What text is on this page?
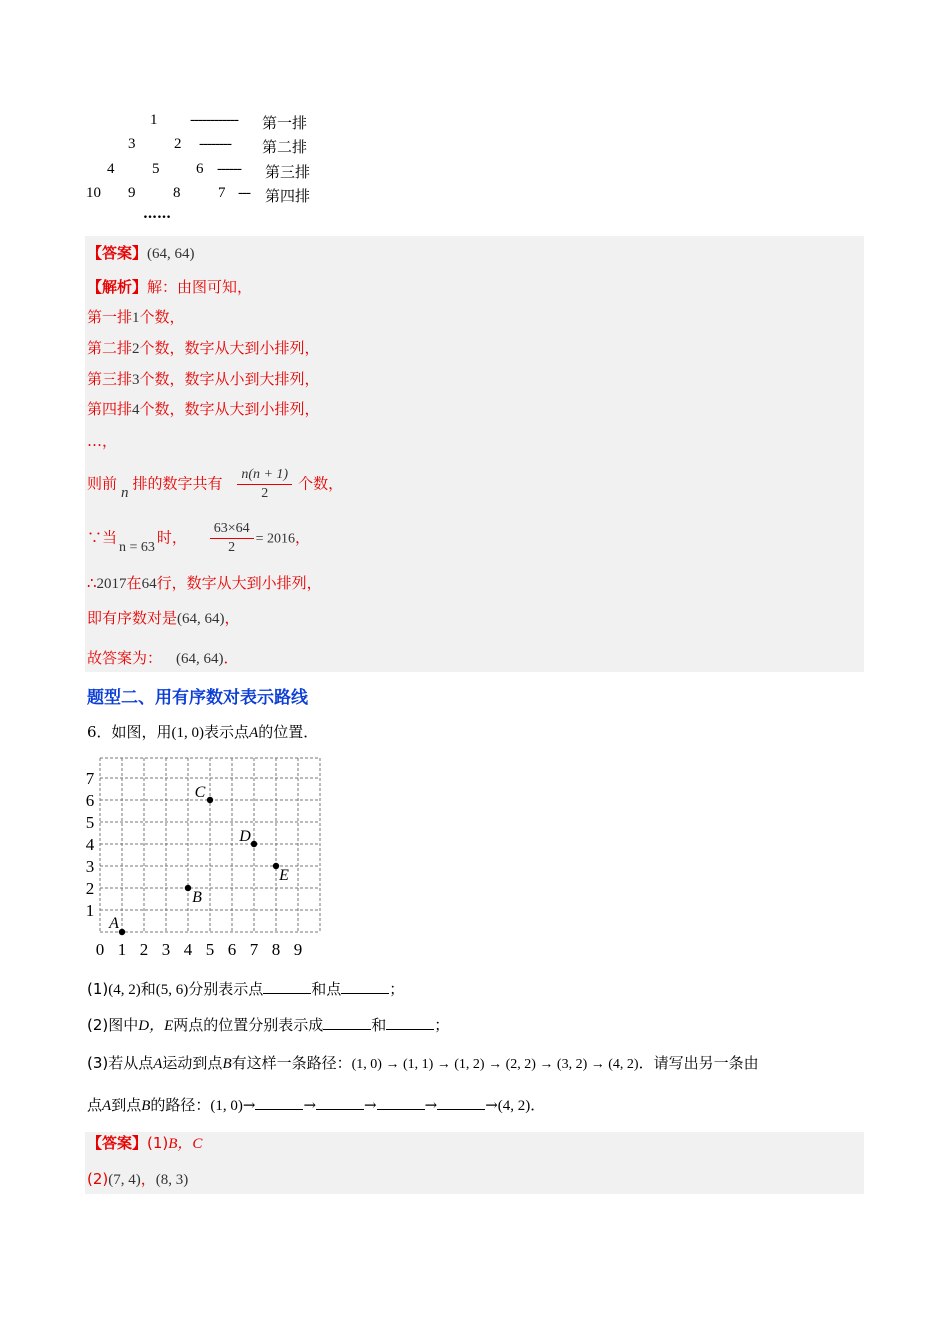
1 ------------ 第一排
3	2 -------- 第二排
4	5 6 ------ 第三排
10 9	8	7 --- 第四排
……
【答案】(64, 64)
【解析】解：由图可知，
第一排1个数，
第二排2个数，数字从大到小排列，
第三排3个数，数字从小到大排列，
第四排4个数，数字从大到小排列，
…，
则前 n 排的数字共有 $\frac{n(n + 1)}{2}$ 个数，
∵当n = 63时， $\frac{63\times 64}{2} = 2016$，
∴2017在64行，数字从大到小排列，
即有序数对是(64, 64)，
故答案为： (64, 64)．
题型二、用有序数对表示路线
6．如图，用(1, 0)表示点A的位置．
0 1 2 3 4 5 6 7 8 9
7
6
5
4
3
2
1
A
B
C
D
E
(1)(4, 2)和(5, 6)分别表示点	和点	；
(2)图中D，E两点的位置分别表示成	和	；
(3)若从点A运动到点B有这样一条路径：(1, 0) → (1, 1) → (1, 2) → (2, 2) → (3, 2) → (4, 2)．请写出另一条由
点A到点B的路径：(1, 0)→	→	→	→	→(4, 2)．
【答案】(1)B，C
(2)(7, 4)，(8, 3)
